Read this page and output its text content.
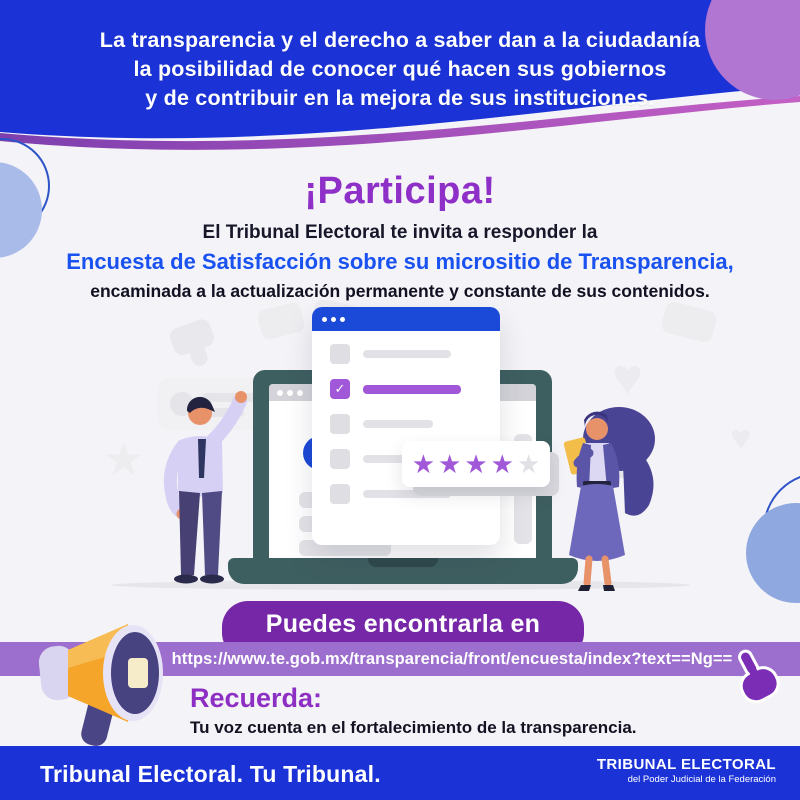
La transparencia y el derecho a saber dan a la ciudadanía
la posibilidad de conocer qué hacen sus gobiernos
y de contribuir en la mejora de sus instituciones.
¡Participa!
El Tribunal Electoral te invita a responder la
Encuesta de Satisfacción sobre su micrositio de Transparencia,
encaminada a la actualización permanente y constante de sus contenidos.
♥
♥
★
✓
★ ★ ★ ★ ★
Puedes encontrarla en
https://www.te.gob.mx/transparencia/front/encuesta/index?text==Ng==
Recuerda:
Tu voz cuenta en el fortalecimiento de la transparencia.
Tribunal Electoral. Tu Tribunal.	TRIBUNAL ELECTORAL
del Poder Judicial de la Federación
